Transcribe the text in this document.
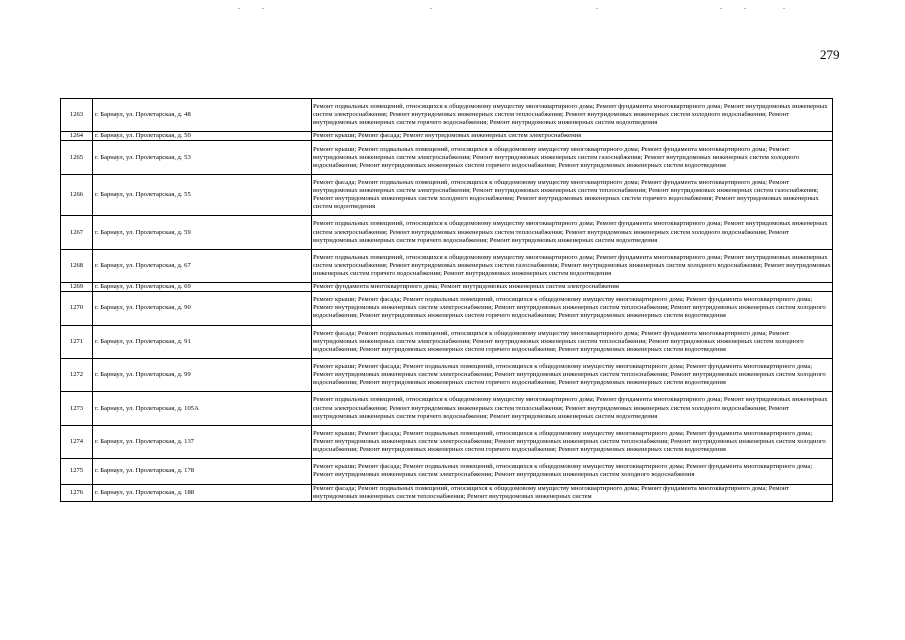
279
1263	г. Барнаул, ул. Пролетарская, д. 48	Ремонт подвальных помещений, относящихся к общедомовому имуществу многоквартирного дома; Ремонт фундамента многоквартирного дома; Ремонт внутридомовых инженерных систем электроснабжения; Ремонт внутридомовых инженерных систем теплоснабжения; Ремонт внутридомовых инженерных систем холодного водоснабжения; Ремонт внутридомовых инженерных систем горячего водоснабжения; Ремонт внутридомовых инженерных систем водоотведения
1264	г. Барнаул, ул. Пролетарская, д. 50	Ремонт крыши; Ремонт фасада; Ремонт внутридомовых инженерных систем электроснабжения
1265	г. Барнаул, ул. Пролетарская, д. 53	Ремонт крыши; Ремонт подвальных помещений, относящихся к общедомовому имуществу многоквартирного дома; Ремонт фундамента многоквартирного дома; Ремонт внутридомовых инженерных систем электроснабжения; Ремонт внутридомовых инженерных систем газоснабжения; Ремонт внутридомовых инженерных систем холодного водоснабжения; Ремонт внутридомовых инженерных систем горячего водоснабжения; Ремонт внутридомовых инженерных систем водоотведения
1266	г. Барнаул, ул. Пролетарская, д. 55	Ремонт фасада; Ремонт подвальных помещений, относящихся к общедомовому имуществу многоквартирного дома; Ремонт фундамента многоквартирного дома; Ремонт внутридомовых инженерных систем электроснабжения; Ремонт внутридомовых инженерных систем теплоснабжения; Ремонт внутридомовых инженерных систем газоснабжения; Ремонт внутридомовых инженерных систем холодного водоснабжения; Ремонт внутридомовых инженерных систем горячего водоснабжения; Ремонт внутридомовых инженерных систем водоотведения
1267	г. Барнаул, ул. Пролетарская, д. 59	Ремонт подвальных помещений, относящихся к общедомовому имуществу многоквартирного дома; Ремонт фундамента многоквартирного дома; Ремонт внутридомовых инженерных систем электроснабжения; Ремонт внутридомовых инженерных систем теплоснабжения; Ремонт внутридомовых инженерных систем холодного водоснабжения; Ремонт внутридомовых инженерных систем горячего водоснабжения; Ремонт внутридомовых инженерных систем водоотведения
1268	г. Барнаул, ул. Пролетарская, д. 67	Ремонт подвальных помещений, относящихся к общедомовому имуществу многоквартирного дома; Ремонт фундамента многоквартирного дома; Ремонт внутридомовых инженерных систем электроснабжения; Ремонт внутридомовых инженерных систем газоснабжения; Ремонт внутридомовых инженерных систем холодного водоснабжения; Ремонт внутридомовых инженерных систем горячего водоснабжения; Ремонт внутридомовых инженерных систем водоотведения
1269	г. Барнаул, ул. Пролетарская, д. 69	Ремонт фундамента многоквартирного дома; Ремонт внутридомовых инженерных систем электроснабжения
1270	г. Барнаул, ул. Пролетарская, д. 90	Ремонт крыши; Ремонт фасада; Ремонт подвальных помещений, относящихся к общедомовому имуществу многоквартирного дома; Ремонт фундамента многоквартирного дома; Ремонт внутридомовых инженерных систем электроснабжения; Ремонт внутридомовых инженерных систем теплоснабжения; Ремонт внутридомовых инженерных систем холодного водоснабжения; Ремонт внутридомовых инженерных систем горячего водоснабжения; Ремонт внутридомовых инженерных систем водоотведения
1271	г. Барнаул, ул. Пролетарская, д. 91	Ремонт фасада; Ремонт подвальных помещений, относящихся к общедомовому имуществу многоквартирного дома; Ремонт фундамента многоквартирного дома; Ремонт внутридомовых инженерных систем электроснабжения; Ремонт внутридомовых инженерных систем теплоснабжения; Ремонт внутридомовых инженерных систем холодного водоснабжения; Ремонт внутридомовых инженерных систем горячего водоснабжения; Ремонт внутридомовых инженерных систем водоотведения
1272	г. Барнаул, ул. Пролетарская, д. 99	Ремонт крыши; Ремонт фасада; Ремонт подвальных помещений, относящихся к общедомовому имуществу многоквартирного дома; Ремонт фундамента многоквартирного дома; Ремонт внутридомовых инженерных систем электроснабжения; Ремонт внутридомовых инженерных систем теплоснабжения; Ремонт внутридомовых инженерных систем холодного водоснабжения; Ремонт внутридомовых инженерных систем горячего водоснабжения; Ремонт внутридомовых инженерных систем водоотведения
1273	г. Барнаул, ул. Пролетарская, д. 105А	Ремонт подвальных помещений, относящихся к общедомовому имуществу многоквартирного дома; Ремонт фундамента многоквартирного дома; Ремонт внутридомовых инженерных систем электроснабжения; Ремонт внутридомовых инженерных систем теплоснабжения; Ремонт внутридомовых инженерных систем холодного водоснабжения; Ремонт внутридомовых инженерных систем горячего водоснабжения; Ремонт внутридомовых инженерных систем водоотведения
1274	г. Барнаул, ул. Пролетарская, д. 137	Ремонт крыши; Ремонт фасада; Ремонт подвальных помещений, относящихся к общедомовому имуществу многоквартирного дома; Ремонт фундамента многоквартирного дома; Ремонт внутридомовых инженерных систем электроснабжения; Ремонт внутридомовых инженерных систем теплоснабжения; Ремонт внутридомовых инженерных систем холодного водоснабжения; Ремонт внутридомовых инженерных систем горячего водоснабжения; Ремонт внутридомовых инженерных систем водоотведения
1275	г. Барнаул, ул. Пролетарская, д. 178	Ремонт крыши; Ремонт фасада; Ремонт подвальных помещений, относящихся к общедомовому имуществу многоквартирного дома; Ремонт фундамента многоквартирного дома; Ремонт внутридомовых инженерных систем электроснабжения; Ремонт внутридомовых инженерных систем холодного водоснабжения
1276	г. Барнаул, ул. Пролетарская, д. 188	Ремонт фасада; Ремонт подвальных помещений, относящихся к общедомовому имуществу многоквартирного дома; Ремонт фундамента многоквартирного дома; Ремонт внутридомовых инженерных систем теплоснабжения; Ремонт внутридомовых инженерных систем
